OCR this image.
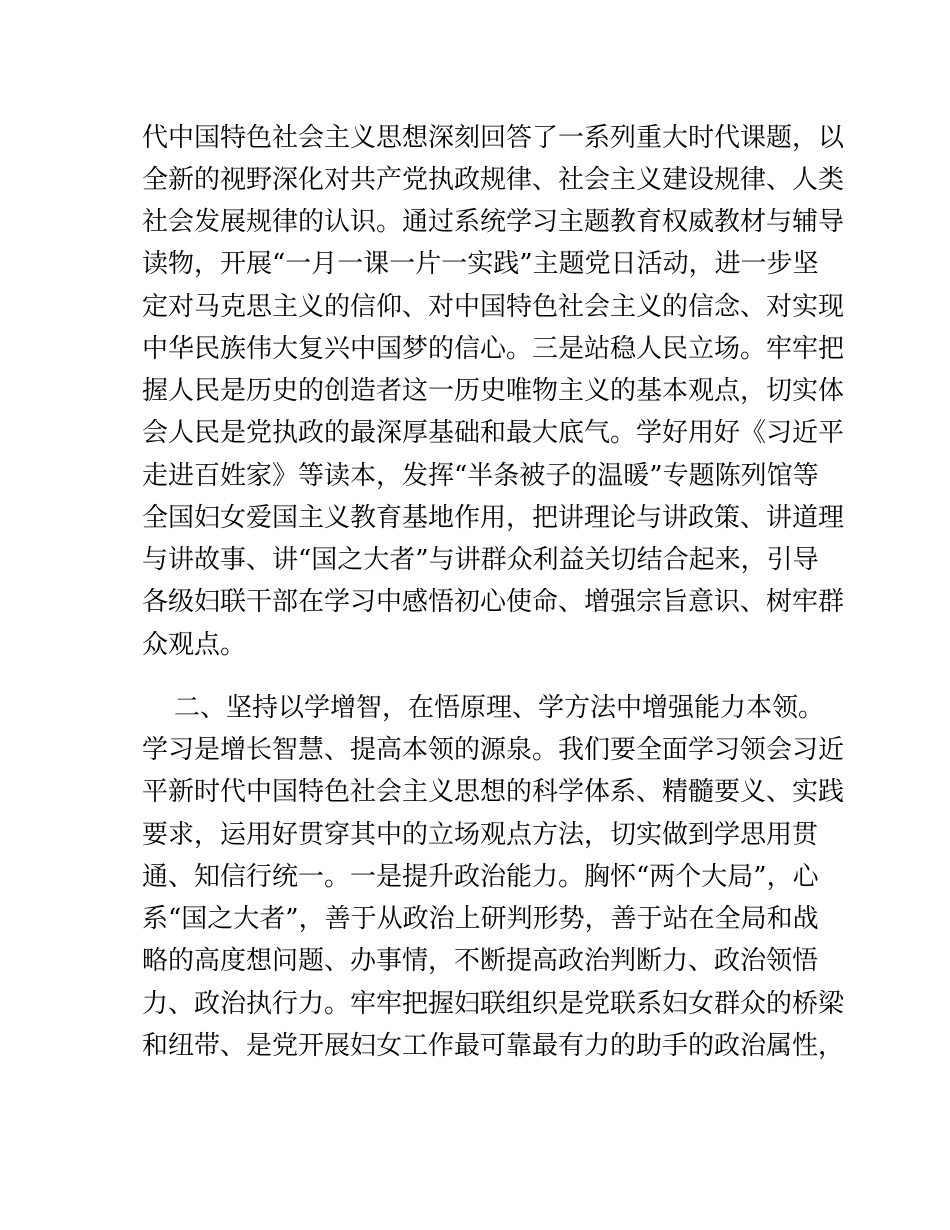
代中国特色社会主义思想深刻回答了一系列重大时代课题，以
全新的视野深化对共产党执政规律、社会主义建设规律、人类
社会发展规律的认识。通过系统学习主题教育权威教材与辅导
读物，开展“一月一课一片一实践”主题党日活动，进一步坚
定对马克思主义的信仰、对中国特色社会主义的信念、对实现
中华民族伟大复兴中国梦的信心。三是站稳人民立场。牢牢把
握人民是历史的创造者这一历史唯物主义的基本观点，切实体
会人民是党执政的最深厚基础和最大底气。学好用好《习近平
走进百姓家》等读本，发挥“半条被子的温暖”专题陈列馆等
全国妇女爱国主义教育基地作用，把讲理论与讲政策、讲道理
与讲故事、讲“国之大者”与讲群众利益关切结合起来，引导
各级妇联干部在学习中感悟初心使命、增强宗旨意识、树牢群
众观点。
二、坚持以学增智，在悟原理、学方法中增强能力本领。
学习是增长智慧、提高本领的源泉。我们要全面学习领会习近
平新时代中国特色社会主义思想的科学体系、精髓要义、实践
要求，运用好贯穿其中的立场观点方法，切实做到学思用贯
通、知信行统一。一是提升政治能力。胸怀“两个大局”，心
系“国之大者”，善于从政治上研判形势，善于站在全局和战
略的高度想问题、办事情，不断提高政治判断力、政治领悟
力、政治执行力。牢牢把握妇联组织是党联系妇女群众的桥梁
和纽带、是党开展妇女工作最可靠最有力的助手的政治属性，
